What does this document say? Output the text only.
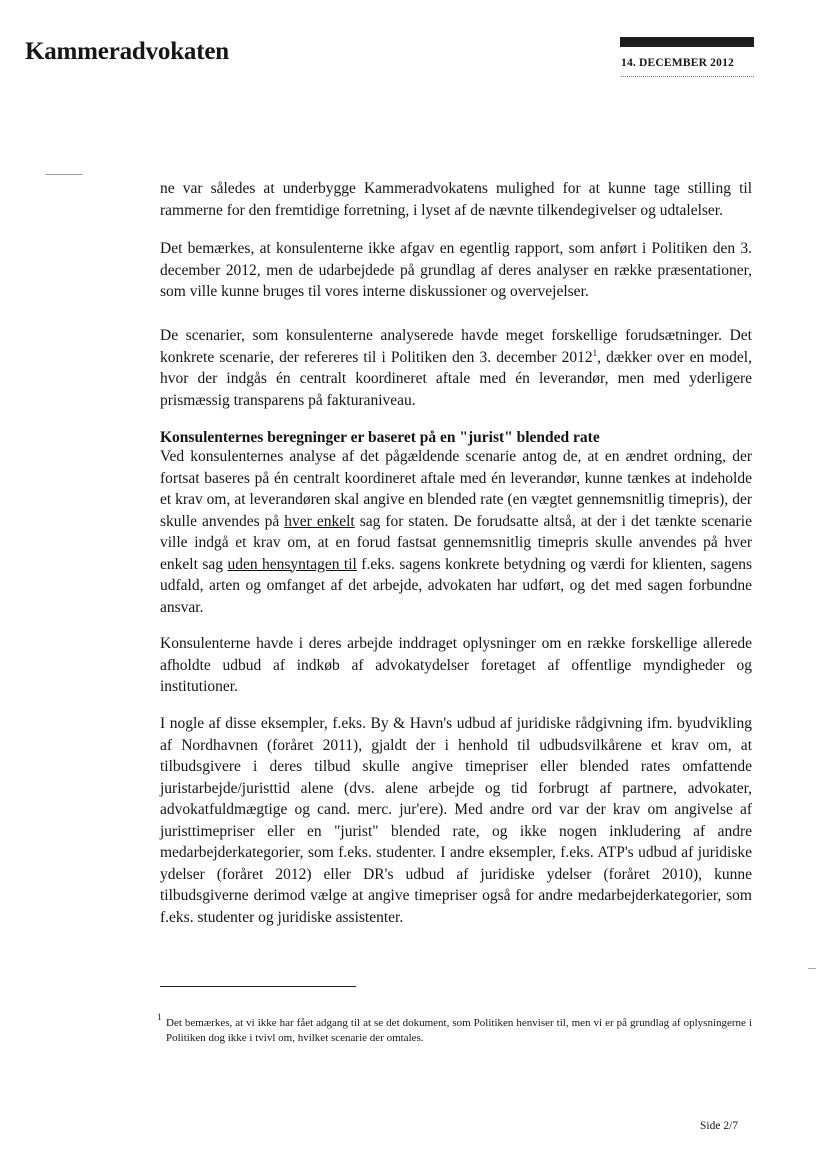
Kammeradvokaten	14. DECEMBER 2012

ne var således at underbygge Kammeradvokatens mulighed for at kunne tage stilling til rammerne for den fremtidige forretning, i lyset af de nævnte tilkendegivelser og udtalelser.

Det bemærkes, at konsulenterne ikke afgav en egentlig rapport, som anført i Politiken den 3. december 2012, men de udarbejdede på grundlag af deres analyser en række præsentationer, som ville kunne bruges til vores interne diskussioner og overvejelser.

De scenarier, som konsulenterne analyserede havde meget forskellige forudsætninger. Det konkrete scenarie, der refereres til i Politiken den 3. december 2012$^1$, dækker over en model, hvor der indgås én centralt koordineret aftale med én leverandør, men med yderligere prismæssig transparens på fakturaniveau.

Konsulenternes beregninger er baseret på en "jurist" blended rate

Ved konsulenternes analyse af det pågældende scenarie antog de, at en ændret ordning, der fortsat baseres på én centralt koordineret aftale med én leverandør, kunne tænkes at indeholde et krav om, at leverandøren skal angive en blended rate (en vægtet gennemsnitlig timepris), der skulle anvendes på hver enkelt sag for staten. De forudsatte altså, at der i det tænkte scenarie ville indgå et krav om, at en forud fastsat gennemsnitlig timepris skulle anvendes på hver enkelt sag uden hensyntagen til f.eks. sagens konkrete betydning og værdi for klienten, sagens udfald, arten og omfanget af det arbejde, advokaten har udført, og det med sagen forbundne ansvar.

Konsulenterne havde i deres arbejde inddraget oplysninger om en række forskellige allerede afholdte udbud af indkøb af advokatydelser foretaget af offentlige myndigheder og institutioner.

I nogle af disse eksempler, f.eks. By & Havn's udbud af juridiske rådgivning ifm. byudvikling af Nordhavnen (foråret 2011), gjaldt der i henhold til udbudsvilkårene et krav om, at tilbudsgivere i deres tilbud skulle angive timepriser eller blended rates omfattende juristarbejde/juristtid alene (dvs. alene arbejde og tid forbrugt af partnere, advokater, advokatfuldmægtige og cand. merc. jur'ere). Med andre ord var der krav om angivelse af juristtimepriser eller en "jurist" blended rate, og ikke nogen inkludering af andre medarbejderkategorier, som f.eks. studenter. I andre eksempler, f.eks. ATP's udbud af juridiske ydelser (foråret 2012) eller DR's udbud af juridiske ydelser (foråret 2010), kunne tilbudsgiverne derimod vælge at angive timepriser også for andre medarbejderkategorier, som f.eks. studenter og juridiske assistenter.

1 Det bemærkes, at vi ikke har fået adgang til at se det dokument, som Politiken henviser til, men vi er på grundlag af oplysningerne i Politiken dog ikke i tvivl om, hvilket scenarie der omtales.
Side 2/7
